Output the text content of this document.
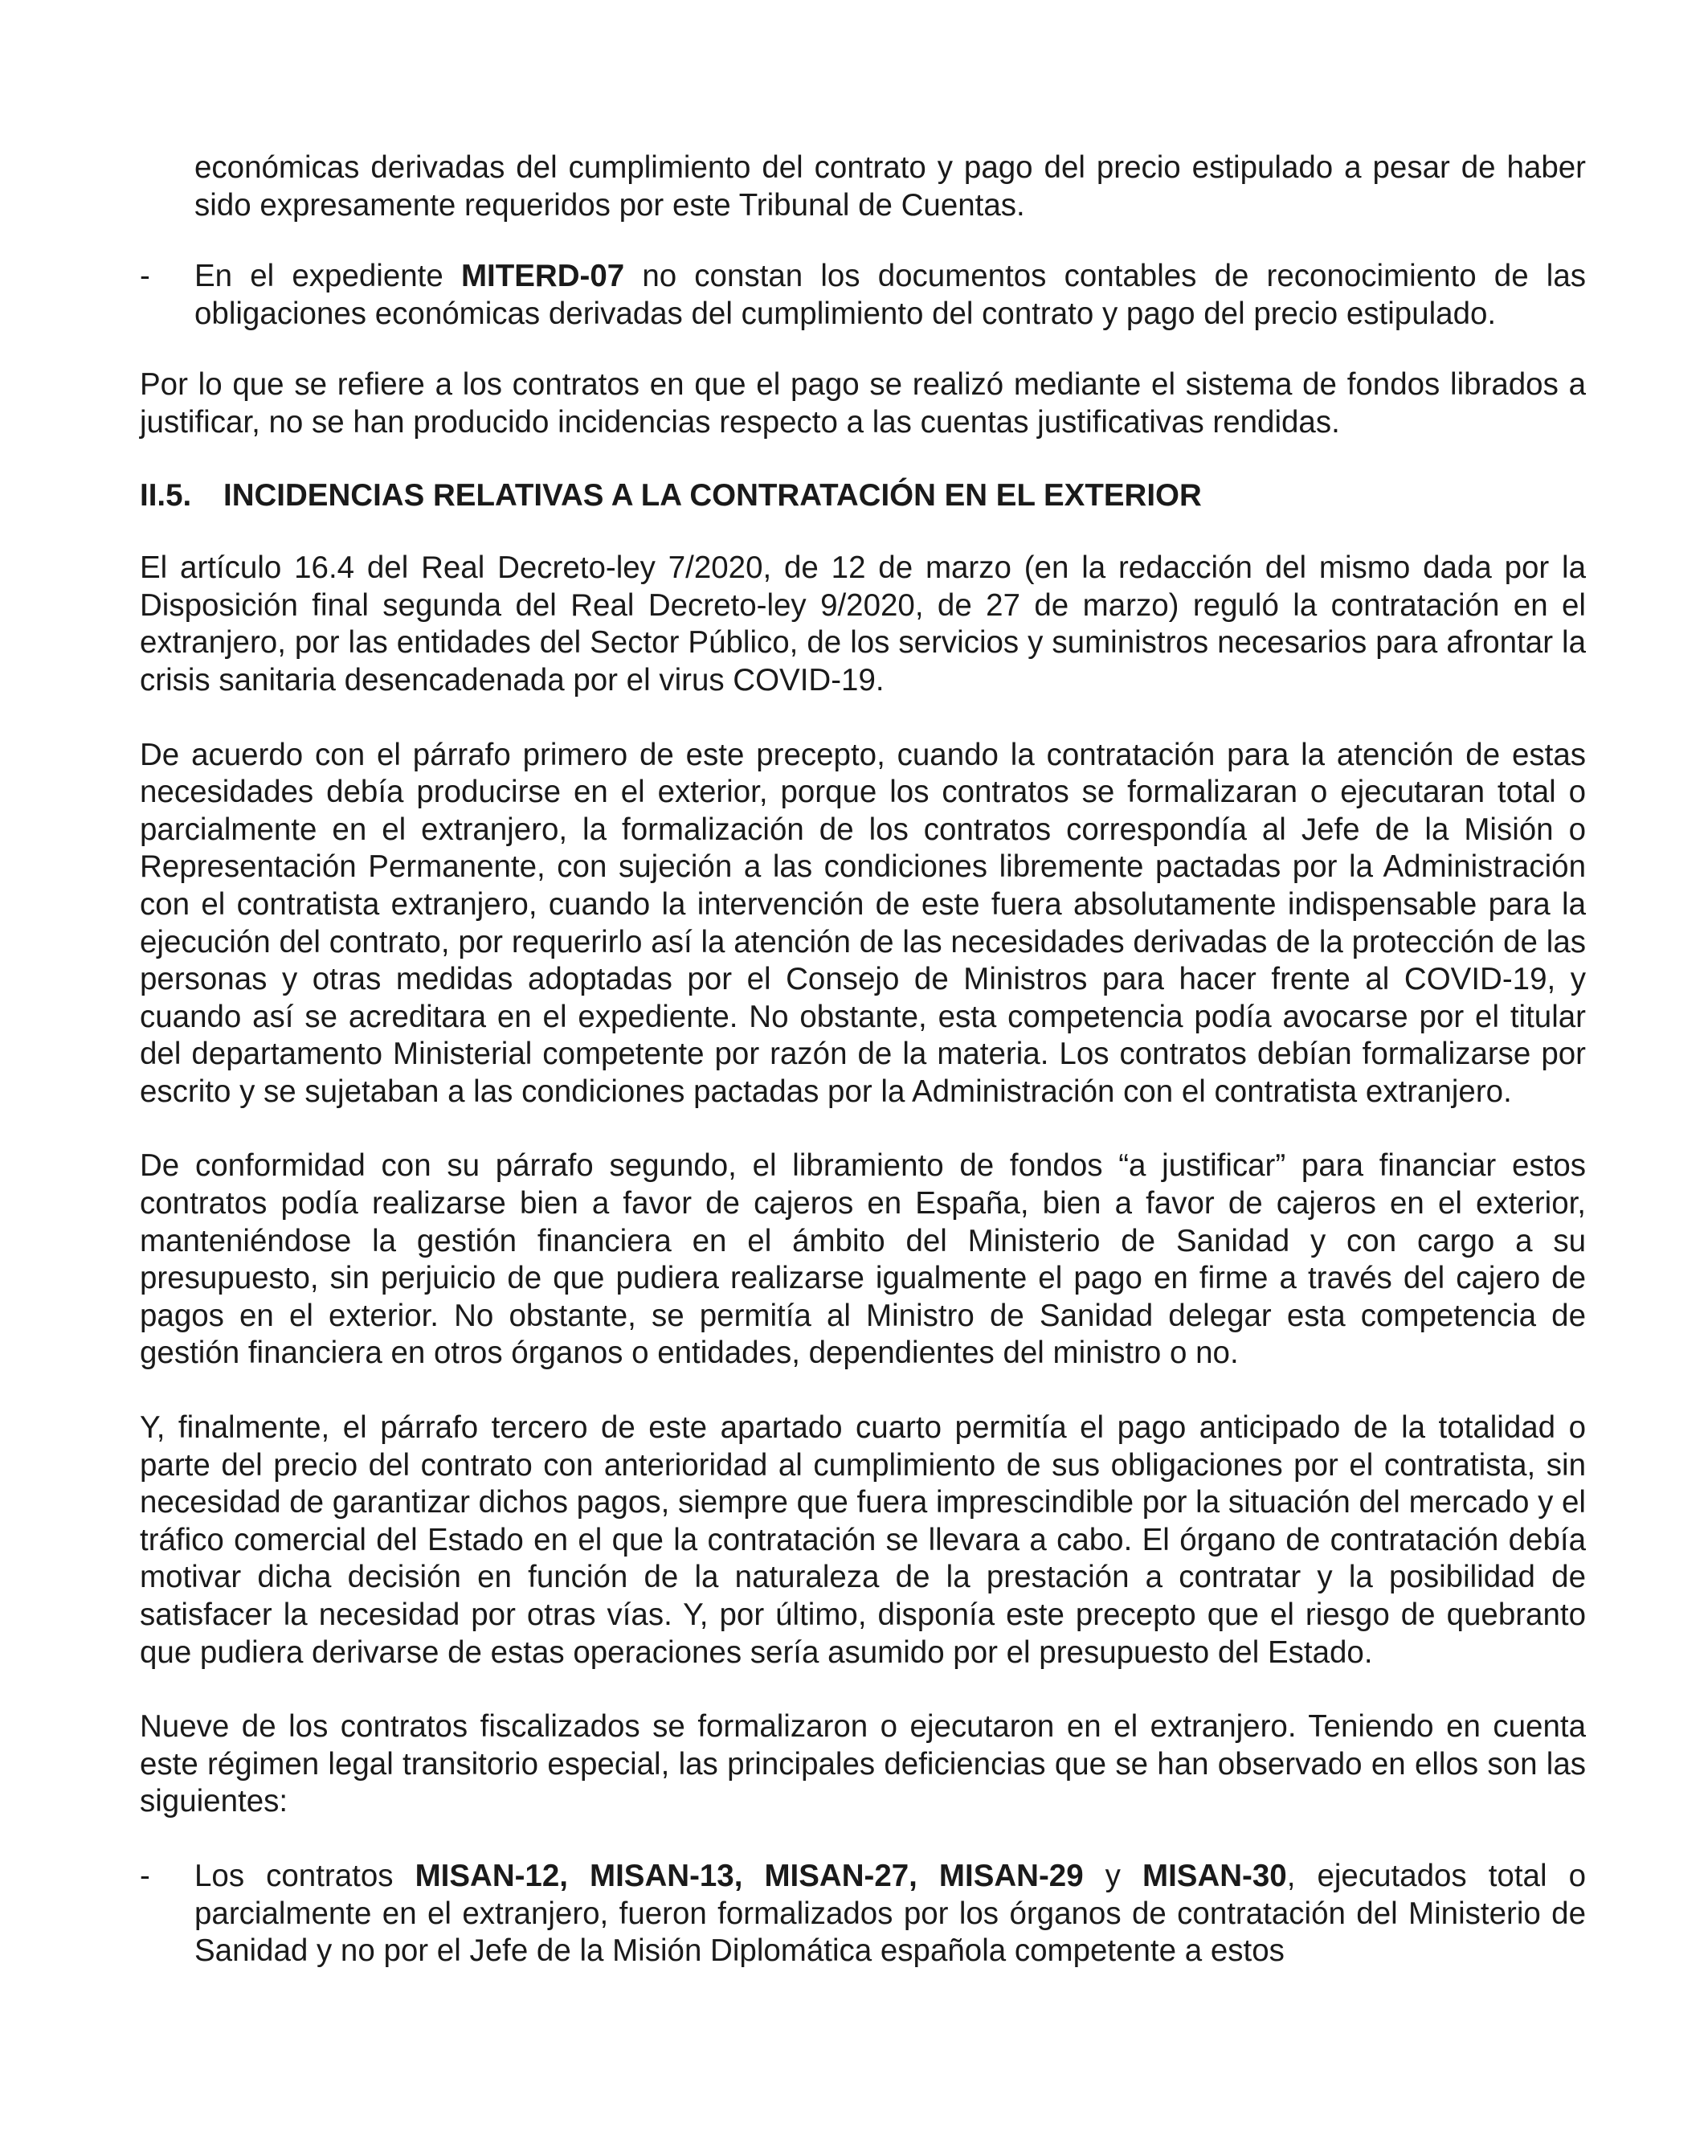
económicas derivadas del cumplimiento del contrato y pago del precio estipulado a pesar de haber sido expresamente requeridos por este Tribunal de Cuentas.

- En el expediente MITERD-07 no constan los documentos contables de reconocimiento de las obligaciones económicas derivadas del cumplimiento del contrato y pago del precio estipulado.

Por lo que se refiere a los contratos en que el pago se realizó mediante el sistema de fondos librados a justificar, no se han producido incidencias respecto a las cuentas justificativas rendidas.

II.5.	INCIDENCIAS RELATIVAS A LA CONTRATACIÓN EN EL EXTERIOR

El artículo 16.4 del Real Decreto-ley 7/2020, de 12 de marzo (en la redacción del mismo dada por la Disposición final segunda del Real Decreto-ley 9/2020, de 27 de marzo) reguló la contratación en el extranjero, por las entidades del Sector Público, de los servicios y suministros necesarios para afrontar la crisis sanitaria desencadenada por el virus COVID-19.

De acuerdo con el párrafo primero de este precepto, cuando la contratación para la atención de estas necesidades debía producirse en el exterior, porque los contratos se formalizaran o ejecutaran total o parcialmente en el extranjero, la formalización de los contratos correspondía al Jefe de la Misión o Representación Permanente, con sujeción a las condiciones libremente pactadas por la Administración con el contratista extranjero, cuando la intervención de este fuera absolutamente indispensable para la ejecución del contrato, por requerirlo así la atención de las necesidades derivadas de la protección de las personas y otras medidas adoptadas por el Consejo de Ministros para hacer frente al COVID-19, y cuando así se acreditara en el expediente. No obstante, esta competencia podía avocarse por el titular del departamento Ministerial competente por razón de la materia. Los contratos debían formalizarse por escrito y se sujetaban a las condiciones pactadas por la Administración con el contratista extranjero.

De conformidad con su párrafo segundo, el libramiento de fondos “a justificar” para financiar estos contratos podía realizarse bien a favor de cajeros en España, bien a favor de cajeros en el exterior, manteniéndose la gestión financiera en el ámbito del Ministerio de Sanidad y con cargo a su presupuesto, sin perjuicio de que pudiera realizarse igualmente el pago en firme a través del cajero de pagos en el exterior. No obstante, se permitía al Ministro de Sanidad delegar esta competencia de gestión financiera en otros órganos o entidades, dependientes del ministro o no.

Y, finalmente, el párrafo tercero de este apartado cuarto permitía el pago anticipado de la totalidad o parte del precio del contrato con anterioridad al cumplimiento de sus obligaciones por el contratista, sin necesidad de garantizar dichos pagos, siempre que fuera imprescindible por la situación del mercado y el tráfico comercial del Estado en el que la contratación se llevara a cabo. El órgano de contratación debía motivar dicha decisión en función de la naturaleza de la prestación a contratar y la posibilidad de satisfacer la necesidad por otras vías. Y, por último, disponía este precepto que el riesgo de quebranto que pudiera derivarse de estas operaciones sería asumido por el presupuesto del Estado.

Nueve de los contratos fiscalizados se formalizaron o ejecutaron en el extranjero. Teniendo en cuenta este régimen legal transitorio especial, las principales deficiencias que se han observado en ellos son las siguientes:

- Los contratos MISAN-12, MISAN-13, MISAN-27, MISAN-29 y MISAN-30, ejecutados total o parcialmente en el extranjero, fueron formalizados por los órganos de contratación del Ministerio de Sanidad y no por el Jefe de la Misión Diplomática española competente a estos
